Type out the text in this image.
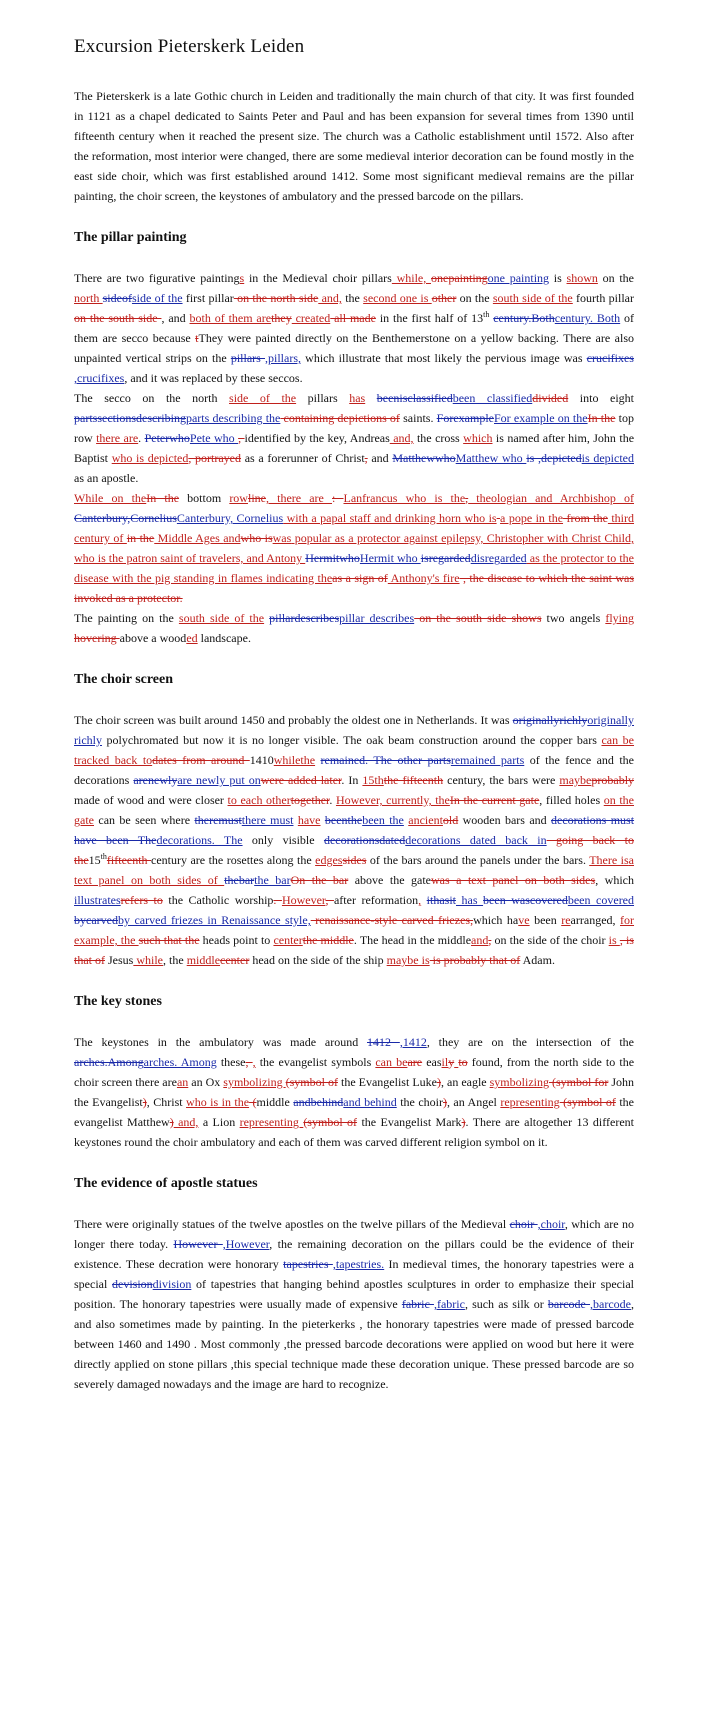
Excursion Pieterskerk Leiden

The Pieterskerk is a late Gothic church in Leiden and traditionally the main church of that city. It was first founded in 1121 as a chapel dedicated to Saints Peter and Paul and has been expansion for several times from 1390 until fifteenth century when it reached the present size. The church was a Catholic establishment until 1572. Also after the reformation, most interior were changed, there are some medieval interior decoration can be found mostly in the east side choir, which was first established around 1412. Some most significant medieval remains are the pillar painting, the choir screen, the keystones of ambulatory and the pressed barcode on the pillars.

The pillar painting

There are two figurative paintings in the Medieval choir pillars while, onepaintingone painting is shown on the north sideofside of the first pillar on the north side and, the second one is other on the south side of the fourth pillar on the south side , and both of them arethey created all made in the first half of 13th century.Bothcentury. Both of them are secco because tThey were painted directly on the Benthemerstone on a yellow backing. There are also unpainted vertical strips on the pillars ,pillars, which illustrate that most likely the pervious image was crucifixes ,crucifixes, and it was replaced by these seccos.

The secco on the north side of the pillars has beenisclassifiedbeen classifieddivided into eight partssectionsdescribingparts describing the containing depictions of saints. ForexampleFor example on theIn the top row there are. PeterwhoPete who , identified by the key, Andreas and, the cross which is named after him, John the Baptist who is depicted, portrayed as a forerunner of Christ, and MatthewwhoMatthew who is ,depictedis depicted as an apostle.

While on theIn the bottom rowline, there are : Lanfrancus who is the, theologian and Archbishop of Canterbury,CorneliusCanterbury, Cornelius with a papal staff and drinking horn who is a pope in the from the third century of in the Middle Ages andwho iswas popular as a protector against epilepsy, Christopher with Christ Child, who is the patron saint of travelers, and Antony HermitwhoHermit who isregardeddisregarded as the protector to the disease with the pig standing in flames indicating theas a sign of Anthony's fire , the disease to which the saint was invoked as a protector.

The painting on the south side of the pillardescribespillar describes on the south side shows two angels flying hovering above a wooded landscape.

The choir screen

The choir screen was built around 1450 and probably the oldest one in Netherlands. It was originallyrichlyoriginally richly polychromated but now it is no longer visible. The oak beam construction around the copper bars can be tracked back todates from around 1410whilethe remained. The other partsremained parts of the fence and the decorations arenewlyare newly put onwere added later. In 15ththe fifteenth century, the bars were maybeprobably made of wood and were closer to each othertogether. However, currently, theIn the current gate, filled holes on the gate can be seen where theremustthere must have beenthebeen the ancientold wooden bars and decorations must have been Thedecorations. The only visible decorationsdateddecorations dated back in going back to the15thfifteenth century are the rosettes along the edgessides of the bars around the panels under the bars. There isa text panel on both sides of thebarthe barOn the bar above the gatewas a text panel on both sides, which illustratesrefers to the Catholic worship. However, after reformation, ithasit has been wascoveredbeen covered bycarvedby carved friezes in Renaissance style, renaissance-style carved friezes,which have been rearranged, for example, the such that the heads point to centerthe middle. The head in the middleand, on the side of the choir is , is that of Jesus while, the middlecenter head on the side of the ship maybe is is probably that of Adam.

The key stones

The keystones in the ambulatory was made around 1412 ,1412, they are on the intersection of the arches.Amongarches. Among these, , the evangelist symbols can beare easily to found, from the north side to the choir screen there arean an Ox symbolizing (symbol of the Evangelist Luke), an eagle symbolizing (symbol for John the Evangelist), Christ who is in the (middle andbehindand behind the choir), an Angel representing (symbol of the evangelist Matthew) and, a Lion representing (symbol of the Evangelist Mark). There are altogether 13 different keystones round the choir ambulatory and each of them was carved different religion symbol on it.

The evidence of apostle statues

There were originally statues of the twelve apostles on the twelve pillars of the Medieval choir ,choir, which are no longer there today. However ,However, the remaining decoration on the pillars could be the evidence of their existence. These decration were honorary tapestries ,tapestries. In medieval times, the honorary tapestries were a special devisiondivision of tapestries that hanging behind apostles sculptures in order to emphasize their special position. The honorary tapestries were usually made of expensive fabric ,fabric, such as silk or barcode ,barcode, and also sometimes made by painting. In the pieterkerks , the honorary tapestries were made of pressed barcode between 1460 and 1490 . Most commonly ,the pressed barcode decorations were applied on wood but here it were directly applied on stone pillars ,this special technique made these decoration unique. These pressed barcode are so severely damaged nowadays and the image are hard to recognize.
